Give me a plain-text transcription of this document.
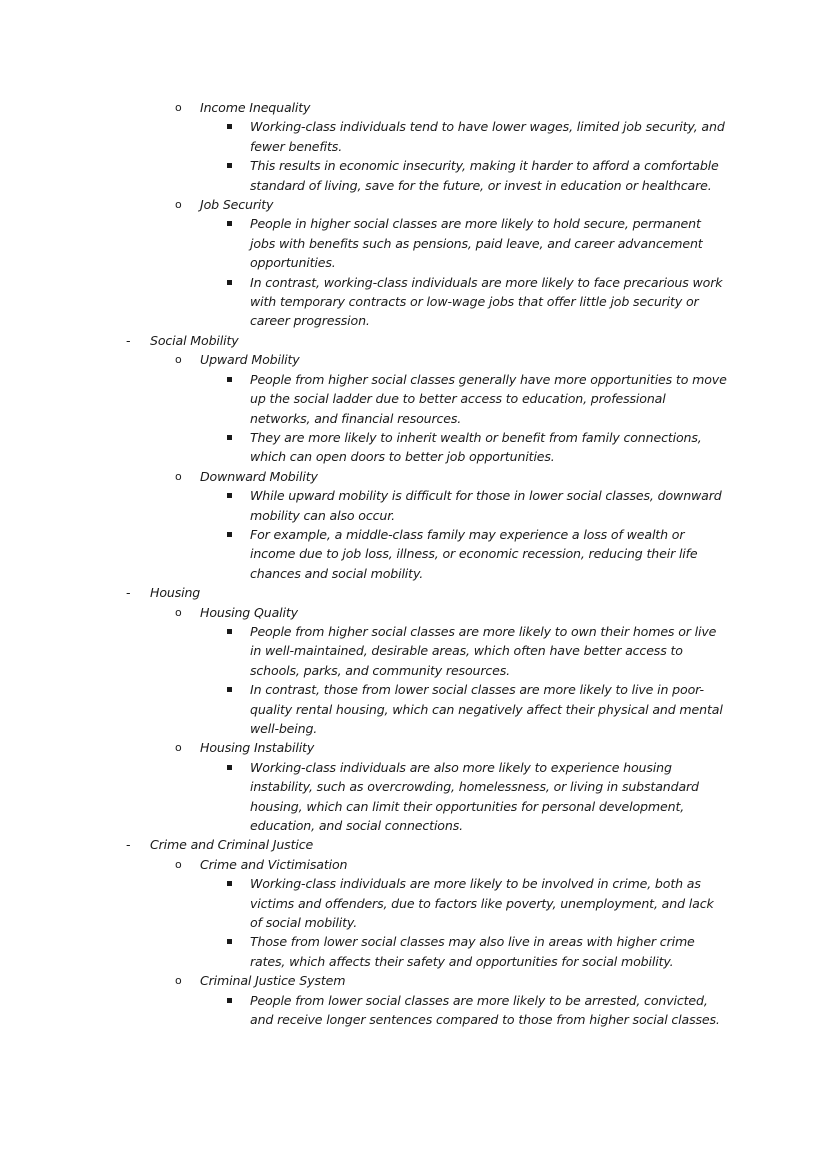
o Income Inequality
Working-class individuals tend to have lower wages, limited job security, and fewer benefits.
This results in economic insecurity, making it harder to afford a comfortable standard of living, save for the future, or invest in education or healthcare.
o Job Security
People in higher social classes are more likely to hold secure, permanent jobs with benefits such as pensions, paid leave, and career advancement opportunities.
In contrast, working-class individuals are more likely to face precarious work with temporary contracts or low-wage jobs that offer little job security or career progression.
- Social Mobility
o Upward Mobility
People from higher social classes generally have more opportunities to move up the social ladder due to better access to education, professional networks, and financial resources.
They are more likely to inherit wealth or benefit from family connections, which can open doors to better job opportunities.
o Downward Mobility
While upward mobility is difficult for those in lower social classes, downward mobility can also occur.
For example, a middle-class family may experience a loss of wealth or income due to job loss, illness, or economic recession, reducing their life chances and social mobility.
- Housing
o Housing Quality
People from higher social classes are more likely to own their homes or live in well-maintained, desirable areas, which often have better access to schools, parks, and community resources.
In contrast, those from lower social classes are more likely to live in poor-quality rental housing, which can negatively affect their physical and mental well-being.
o Housing Instability
Working-class individuals are also more likely to experience housing instability, such as overcrowding, homelessness, or living in substandard housing, which can limit their opportunities for personal development, education, and social connections.
- Crime and Criminal Justice
o Crime and Victimisation
Working-class individuals are more likely to be involved in crime, both as victims and offenders, due to factors like poverty, unemployment, and lack of social mobility.
Those from lower social classes may also live in areas with higher crime rates, which affects their safety and opportunities for social mobility.
o Criminal Justice System
People from lower social classes are more likely to be arrested, convicted, and receive longer sentences compared to those from higher social classes.
